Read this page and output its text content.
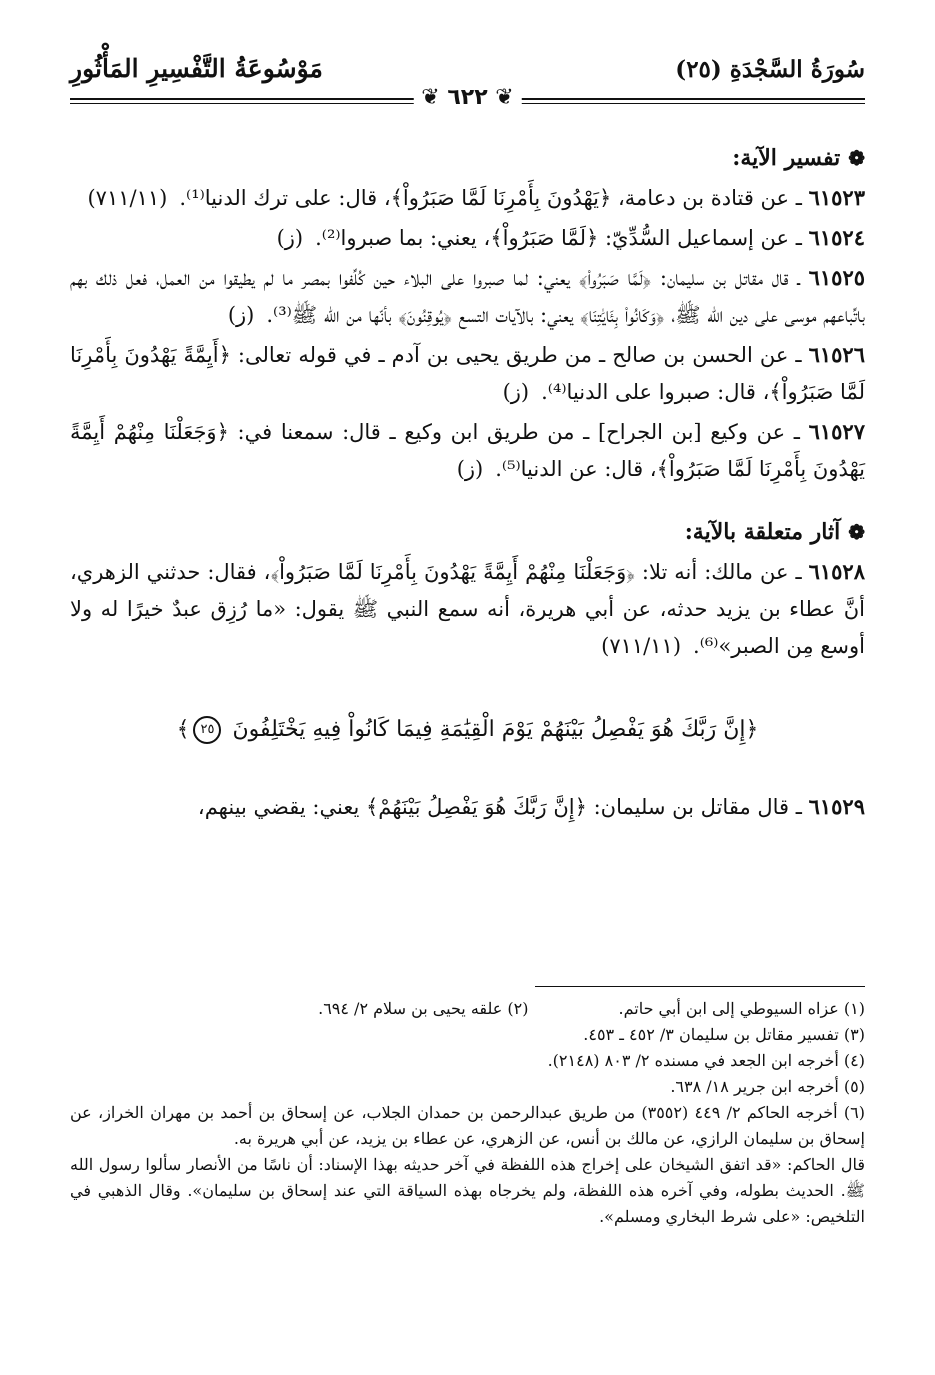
سُورَةُ السَّجْدَةِ (٢٥)
مَوْسُوعَةُ التَّفْسِيرِ المَأْثُورِ
❦ ٦٢٢ ❦
❁تفسير الآية:
٦١٥٢٣ ـ عن قتادة بن دعامة، ﴿يَهْدُونَ بِأَمْرِنَا لَمَّا صَبَرُواْ﴾، قال: على ترك الدنيا⁽¹⁾.(٧١١/١١)
٦١٥٢٤ ـ عن إسماعيل السُّدِّيّ: ﴿لَمَّا صَبَرُواْ﴾، يعني: بما صبروا⁽²⁾.(ز)
٦١٥٢٥ ـ قال مقاتل بن سليمان: ﴿لَمَّا صَبَرُواْ﴾ يعني: لما صبروا على البلاء حين كُلِّفوا بمصر ما لم يطيقوا من العمل، فعل ذلك بهم باتِّباعهم موسى على دين الله ﷺ، ﴿وَكَانُواْ بِئَايَٰتِنَا﴾ يعني: بالآيات التسع ﴿يُوقِنُونَ﴾ بأنّها من الله ﷺ⁽³⁾.(ز)
٦١٥٢٦ ـ عن الحسن بن صالح ـ من طريق يحيى بن آدم ـ في قوله تعالى: ﴿أَيِمَّةً يَهْدُونَ بِأَمْرِنَا لَمَّا صَبَرُواْ﴾، قال: صبروا على الدنيا⁽⁴⁾.(ز)
٦١٥٢٧ ـ عن وكيع [بن الجراح] ـ من طريق ابن وكيع ـ قال: سمعنا في: ﴿وَجَعَلْنَا مِنْهُمْ أَيِمَّةً يَهْدُونَ بِأَمْرِنَا لَمَّا صَبَرُواْ﴾، قال: عن الدنيا⁽⁵⁾.(ز)
❁آثار متعلقة بالآية:
٦١٥٢٨ ـ عن مالك: أنه تلا: ﴿وَجَعَلْنَا مِنْهُمْ أَيِمَّةً يَهْدُونَ بِأَمْرِنَا لَمَّا صَبَرُواْ﴾، فقال: حدثني الزهري، أنَّ عطاء بن يزيد حدثه، عن أبي هريرة، أنه سمع النبي ﷺ يقول: «ما رُزِق عبدٌ خيرًا له ولا أوسع مِن الصبر»⁽⁶⁾.(٧١١/١١)
﴿إِنَّ رَبَّكَ هُوَ يَفْصِلُ بَيْنَهُمْ يَوْمَ الْقِيَٰمَةِ فِيمَا كَانُواْ فِيهِ يَخْتَلِفُونَ ٢٥﴾
٦١٥٢٩ ـ قال مقاتل بن سليمان: ﴿إِنَّ رَبَّكَ هُوَ يَفْصِلُ بَيْنَهُمْ﴾ يعني: يقضي بينهم،
(١) عزاه السيوطي إلى ابن أبي حاتم.
(٢) علقه يحيى بن سلام ٢/ ٦٩٤.
(٣) تفسير مقاتل بن سليمان ٣/ ٤٥٢ ـ ٤٥٣.
(٤) أخرجه ابن الجعد في مسنده ٢/ ٨٠٣ (٢١٤٨).
(٥) أخرجه ابن جرير ١٨/ ٦٣٨.
(٦) أخرجه الحاكم ٢/ ٤٤٩ (٣٥٥٢) من طريق عبدالرحمن بن حمدان الجلاب، عن إسحاق بن أحمد بن مهران الخراز، عن إسحاق بن سليمان الرازي، عن مالك بن أنس، عن الزهري، عن عطاء بن يزيد، عن أبي هريرة به.
قال الحاكم: «قد اتفق الشيخان على إخراج هذه اللفظة في آخر حديثه بهذا الإسناد: أن ناسًا من الأنصار سألوا رسول الله ﷺ. الحديث بطوله، وفي آخره هذه اللفظة، ولم يخرجاه بهذه السياقة التي عند إسحاق بن سليمان». وقال الذهبي في التلخيص: «على شرط البخاري ومسلم».
